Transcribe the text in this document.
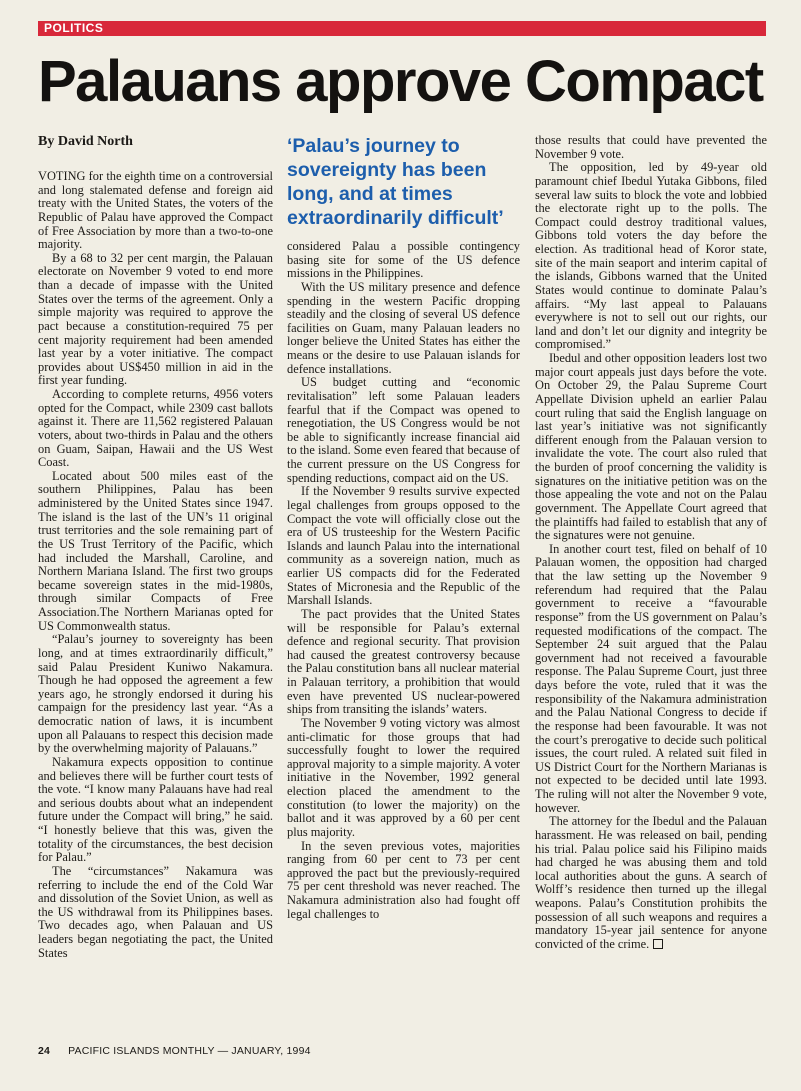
POLITICS
Palauans approve Compact
By David North

VOTING for the eighth time on a controversial and long stalemated defense and foreign aid treaty with the United States, the voters of the Republic of Palau have approved the Compact of Free Association by more than a two-to-one majority.

By a 68 to 32 per cent margin, the Palauan electorate on November 9 voted to end more than a decade of impasse with the United States over the terms of the agreement. Only a simple majority was required to approve the pact because a constitution-required 75 per cent majority requirement had been amended last year by a voter initiative. The compact provides about US$450 million in aid in the first year funding.

According to complete returns, 4956 voters opted for the Compact, while 2309 cast ballots against it. There are 11,562 registered Palauan voters, about two-thirds in Palau and the others on Guam, Saipan, Hawaii and the US West Coast.

Located about 500 miles east of the southern Philippines, Palau has been administered by the United States since 1947. The island is the last of the UN’s 11 original trust territories and the sole remaining part of the US Trust Territory of the Pacific, which had included the Marshall, Caroline, and Northern Mariana Island. The first two groups became sovereign states in the mid-1980s, through similar Compacts of Free Association.The Northern Marianas opted for US Commonwealth status.

“Palau’s journey to sovereignty has been long, and at times extraordinarily difficult,” said Palau President Kuniwo Nakamura. Though he had opposed the agreement a few years ago, he strongly endorsed it during his campaign for the presidency last year. “As a democratic nation of laws, it is incumbent upon all Palauans to respect this decision made by the overwhelming majority of Palauans.”

Nakamura expects opposition to continue and believes there will be further court tests of the vote. “I know many Palauans have had real and serious doubts about what an independent future under the Compact will bring,” he said. “I honestly believe that this was, given the totality of the circumstances, the best decision for Palau.”

The “circumstances” Nakamura was referring to include the end of the Cold War and dissolution of the Soviet Union, as well as the US withdrawal from its Philippines bases. Two decades ago, when Palauan and US leaders began negotiating the pact, the United States

‘Palau’s journey to sovereignty has been long, and at times extraordinarily difficult’

considered Palau a possible contingency basing site for some of the US defence missions in the Philippines.

With the US military presence and defence spending in the western Pacific dropping steadily and the closing of several US defence facilities on Guam, many Palauan leaders no longer believe the United States has either the means or the desire to use Palauan islands for defence installations.

US budget cutting and “economic revitalisation” left some Palauan leaders fearful that if the Compact was opened to renegotiation, the US Congress would be not be able to significantly increase financial aid to the island. Some even feared that because of the current pressure on the US Congress for spending reductions, compact aid on the US.

If the November 9 results survive expected legal challenges from groups opposed to the Compact the vote will officially close out the era of US trusteeship for the Western Pacific Islands and launch Palau into the international community as a sovereign nation, much as earlier US compacts did for the Federated States of Micronesia and the Republic of the Marshall Islands.

The pact provides that the United States will be responsible for Palau’s external defence and regional security. That provision had caused the greatest controversy because the Palau constitution bans all nuclear material in Palauan territory, a prohibition that would even have prevented US nuclear-powered ships from transiting the islands’ waters.

The November 9 voting victory was almost anti-climatic for those groups that had successfully fought to lower the required approval majority to a simple majority. A voter initiative in the November, 1992 general election placed the amendment to the constitution (to lower the majority) on the ballot and it was approved by a 60 per cent plus majority.

In the seven previous votes, majorities ranging from 60 per cent to 73 per cent approved the pact but the previously-required 75 per cent threshold was never reached. The Nakamura administration also had fought off legal challenges to

those results that could have prevented the November 9 vote.

The opposition, led by 49-year old paramount chief Ibedul Yutaka Gibbons, filed several law suits to block the vote and lobbied the electorate right up to the polls. The Compact could destroy traditional values, Gibbons told voters the day before the election. As traditional head of Koror state, site of the main seaport and interim capital of the islands, Gibbons warned that the United States would continue to dominate Palau’s affairs. “My last appeal to Palauans everywhere is not to sell out our rights, our land and don’t let our dignity and integrity be compromised.”

Ibedul and other opposition leaders lost two major court appeals just days before the vote. On October 29, the Palau Supreme Court Appellate Division upheld an earlier Palau court ruling that said the English language on last year’s initiative was not significantly different enough from the Palauan version to invalidate the vote. The court also ruled that the burden of proof concerning the validity is signatures on the initiative petition was on the those appealing the vote and not on the Palau government. The Appellate Court agreed that the plaintiffs had failed to establish that any of the signatures were not genuine.

In another court test, filed on behalf of 10 Palauan women, the opposition had charged that the law setting up the November 9 referendum had required that the Palau government to receive a “favourable response” from the US government on Palau’s requested modifications of the compact. The September 24 suit argued that the Palau government had not received a favourable response. The Palau Supreme Court, just three days before the vote, ruled that it was the responsibility of the Nakamura administration and the Palau National Congress to decide if the response had been favourable. It was not the court’s prerogative to decide such political issues, the court ruled. A related suit filed in US District Court for the Northern Marianas is not expected to be decided until late 1993. The ruling will not alter the November 9 vote, however.

The attorney for the Ibedul and the Palauan harassment. He was released on bail, pending his trial. Palau police said his Filipino maids had charged he was abusing them and told local authorities about the guns. A search of Wolff’s residence then turned up the illegal weapons. Palau’s Constitution prohibits the possession of all such weapons and requires a mandatory 15-year jail sentence for anyone convicted of the crime.

24 PACIFIC ISLANDS MONTHLY — JANUARY, 1994
